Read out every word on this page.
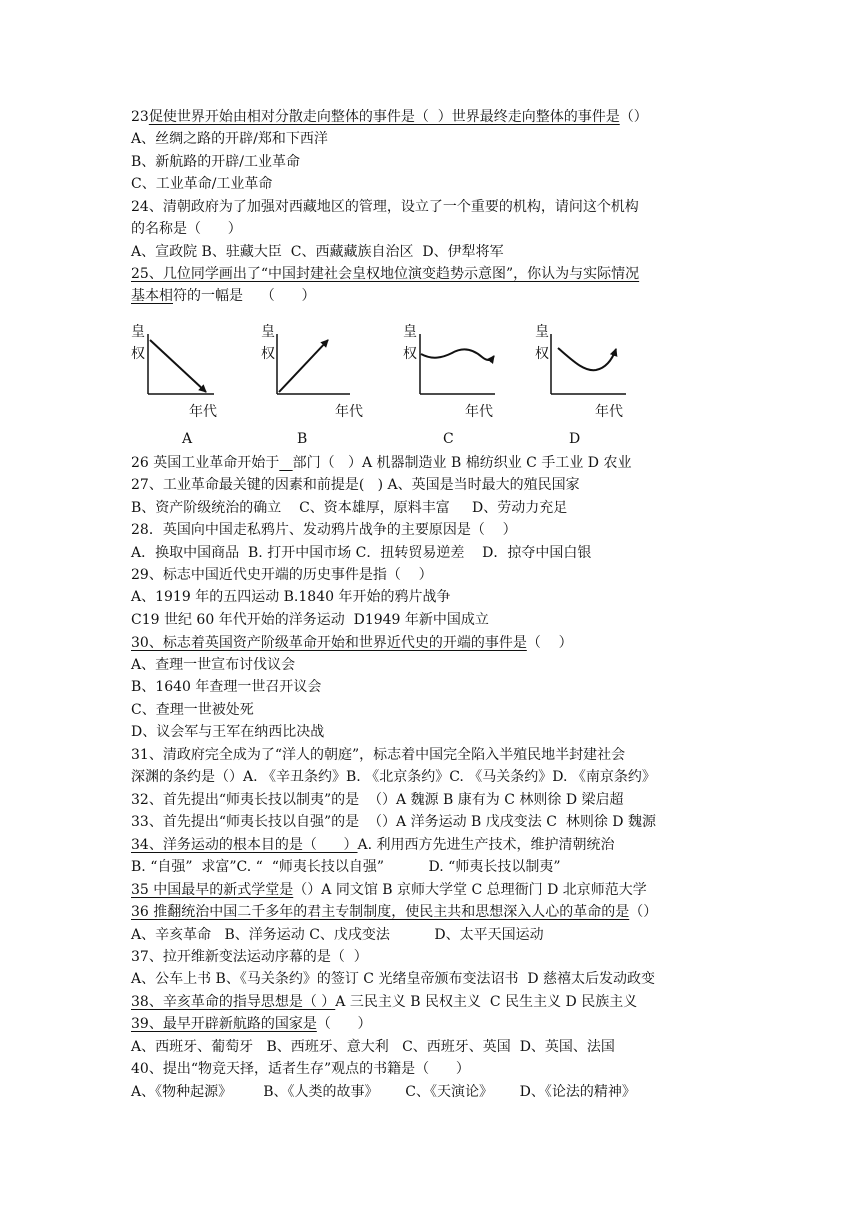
23促使世界开始由相对分散走向整体的事件是（  ）世界最终走向整体的事件是（）
A、丝绸之路的开辟/郑和下西洋
B、新航路的开辟/工业革命
C、工业革命/工业革命
24、清朝政府为了加强对西藏地区的管理，设立了一个重要的机构，请问这个机构
的名称是（      ）
A、宣政院 B、驻藏大臣  C、西藏藏族自治区  D、伊犁将军
25、几位同学画出了“中国封建社会皇权地位演变趋势示意图”，你认为与实际情况
基本相符的一幅是    （      ）
皇
权
年代
A
皇
权
年代
B
皇
权
年代
C
皇
权
年代
D
26 英国工业革命开始于 部门（   ）A 机器制造业 B 棉纺织业 C 手工业 D 农业
27、工业革命最关键的因素和前提是(   ) A、英国是当时最大的殖民国家
B、资产阶级统治的确立    C、资本雄厚，原料丰富     D、劳动力充足
28．英国向中国走私鸦片、发动鸦片战争的主要原因是（    ）
A．换取中国商品  B. 打开中国市场 C．扭转贸易逆差    D．掠夺中国白银
29、标志中国近代史开端的历史事件是指（    ）
A、1919 年的五四运动 B.1840 年开始的鸦片战争
C19 世纪 60 年代开始的洋务运动  D1949 年新中国成立
30、标志着英国资产阶级革命开始和世界近代史的开端的事件是（    ）
A、查理一世宣布讨伐议会
B、1640 年查理一世召开议会
C、查理一世被处死
D、议会军与王军在纳西比决战
31、清政府完全成为了“洋人的朝庭”，标志着中国完全陷入半殖民地半封建社会
深渊的条约是（）A. 《辛丑条约》B. 《北京条约》C. 《马关条约》D. 《南京条约》
32、首先提出“师夷长技以制夷”的是  （）A 魏源 B 康有为 C 林则徐 D 梁启超
33、首先提出“师夷长技以自强”的是  （）A 洋务运动 B 戊戌变法 C  林则徐 D 魏源
34、洋务运动的根本目的是（      ）A. 利用西方先进生产技术，维护清朝统治
B. “自强”  求富”C. “  “师夷长技以自强”          D. “师夷长技以制夷”
35 中国最早的新式学堂是（）A 同文馆 B 京师大学堂 C 总理衙门 D 北京师范大学
36 推翻统治中国二千多年的君主专制制度，使民主共和思想深入人心的革命的是（）
A、辛亥革命   B、洋务运动 C、戊戌变法          D、太平天国运动
37、拉开维新变法运动序幕的是（  ）
A、公车上书 B、《马关条约》的签订 C 光绪皇帝颁布变法诏书  D 慈禧太后发动政变
38、辛亥革命的指导思想是（ ）A 三民主义 B 民权主义  C 民生主义 D 民族主义
39、最早开辟新航路的国家是（      ）
A、西班牙、葡萄牙   B、西班牙、意大利   C、西班牙、英国  D、英国、法国
40、提出“物竞天择，适者生存”观点的书籍是（      ）
A、《物种起源》       B、《人类的故事》      C、《天演论》      D、《论法的精神》
